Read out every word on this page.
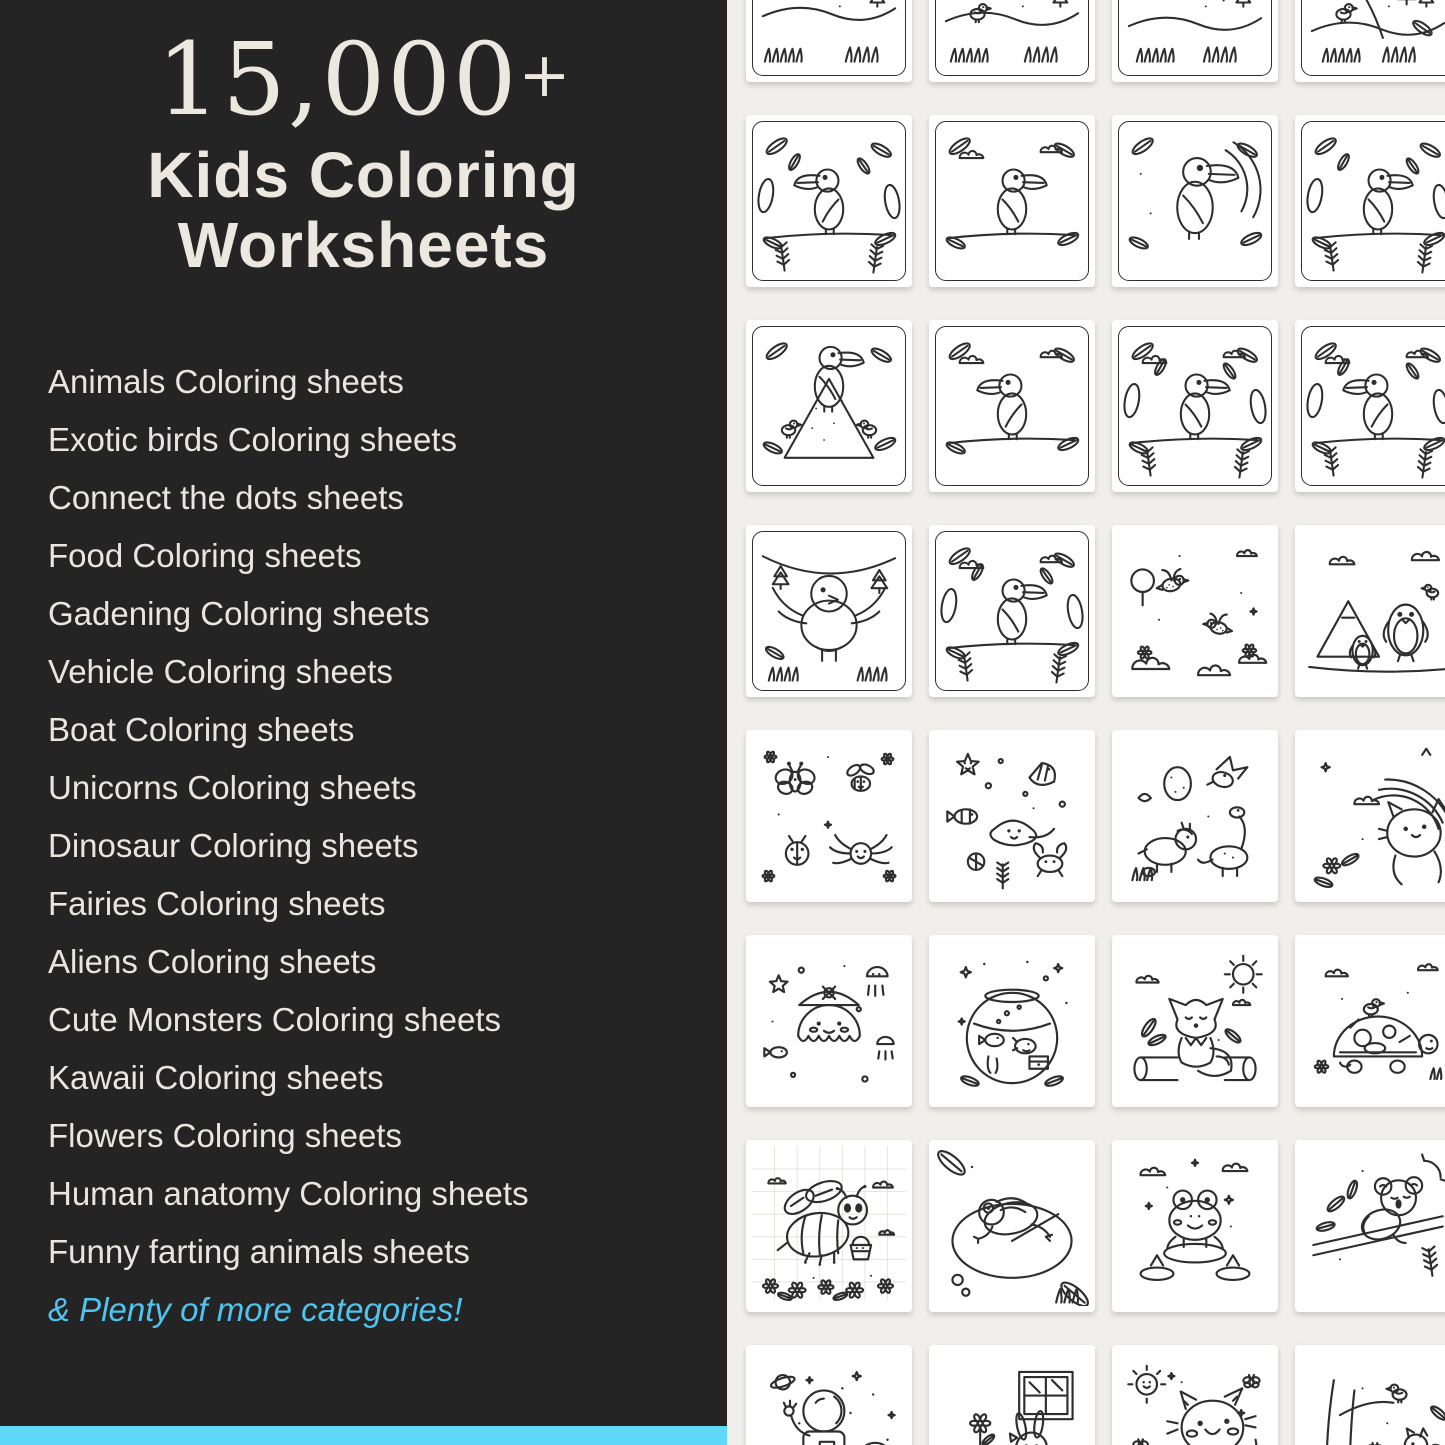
15,000+
Kids Coloring
Worksheets
Animals Coloring sheets
Exotic birds Coloring sheets
Connect the dots sheets
Food Coloring sheets
Gadening Coloring sheets
Vehicle Coloring sheets
Boat Coloring sheets
Unicorns Coloring sheets
Dinosaur Coloring sheets
Fairies Coloring sheets
Aliens Coloring sheets
Cute Monsters Coloring sheets
Kawaii Coloring sheets
Flowers Coloring sheets
Human anatomy Coloring sheets
Funny farting animals sheets
& Plenty of more categories!
